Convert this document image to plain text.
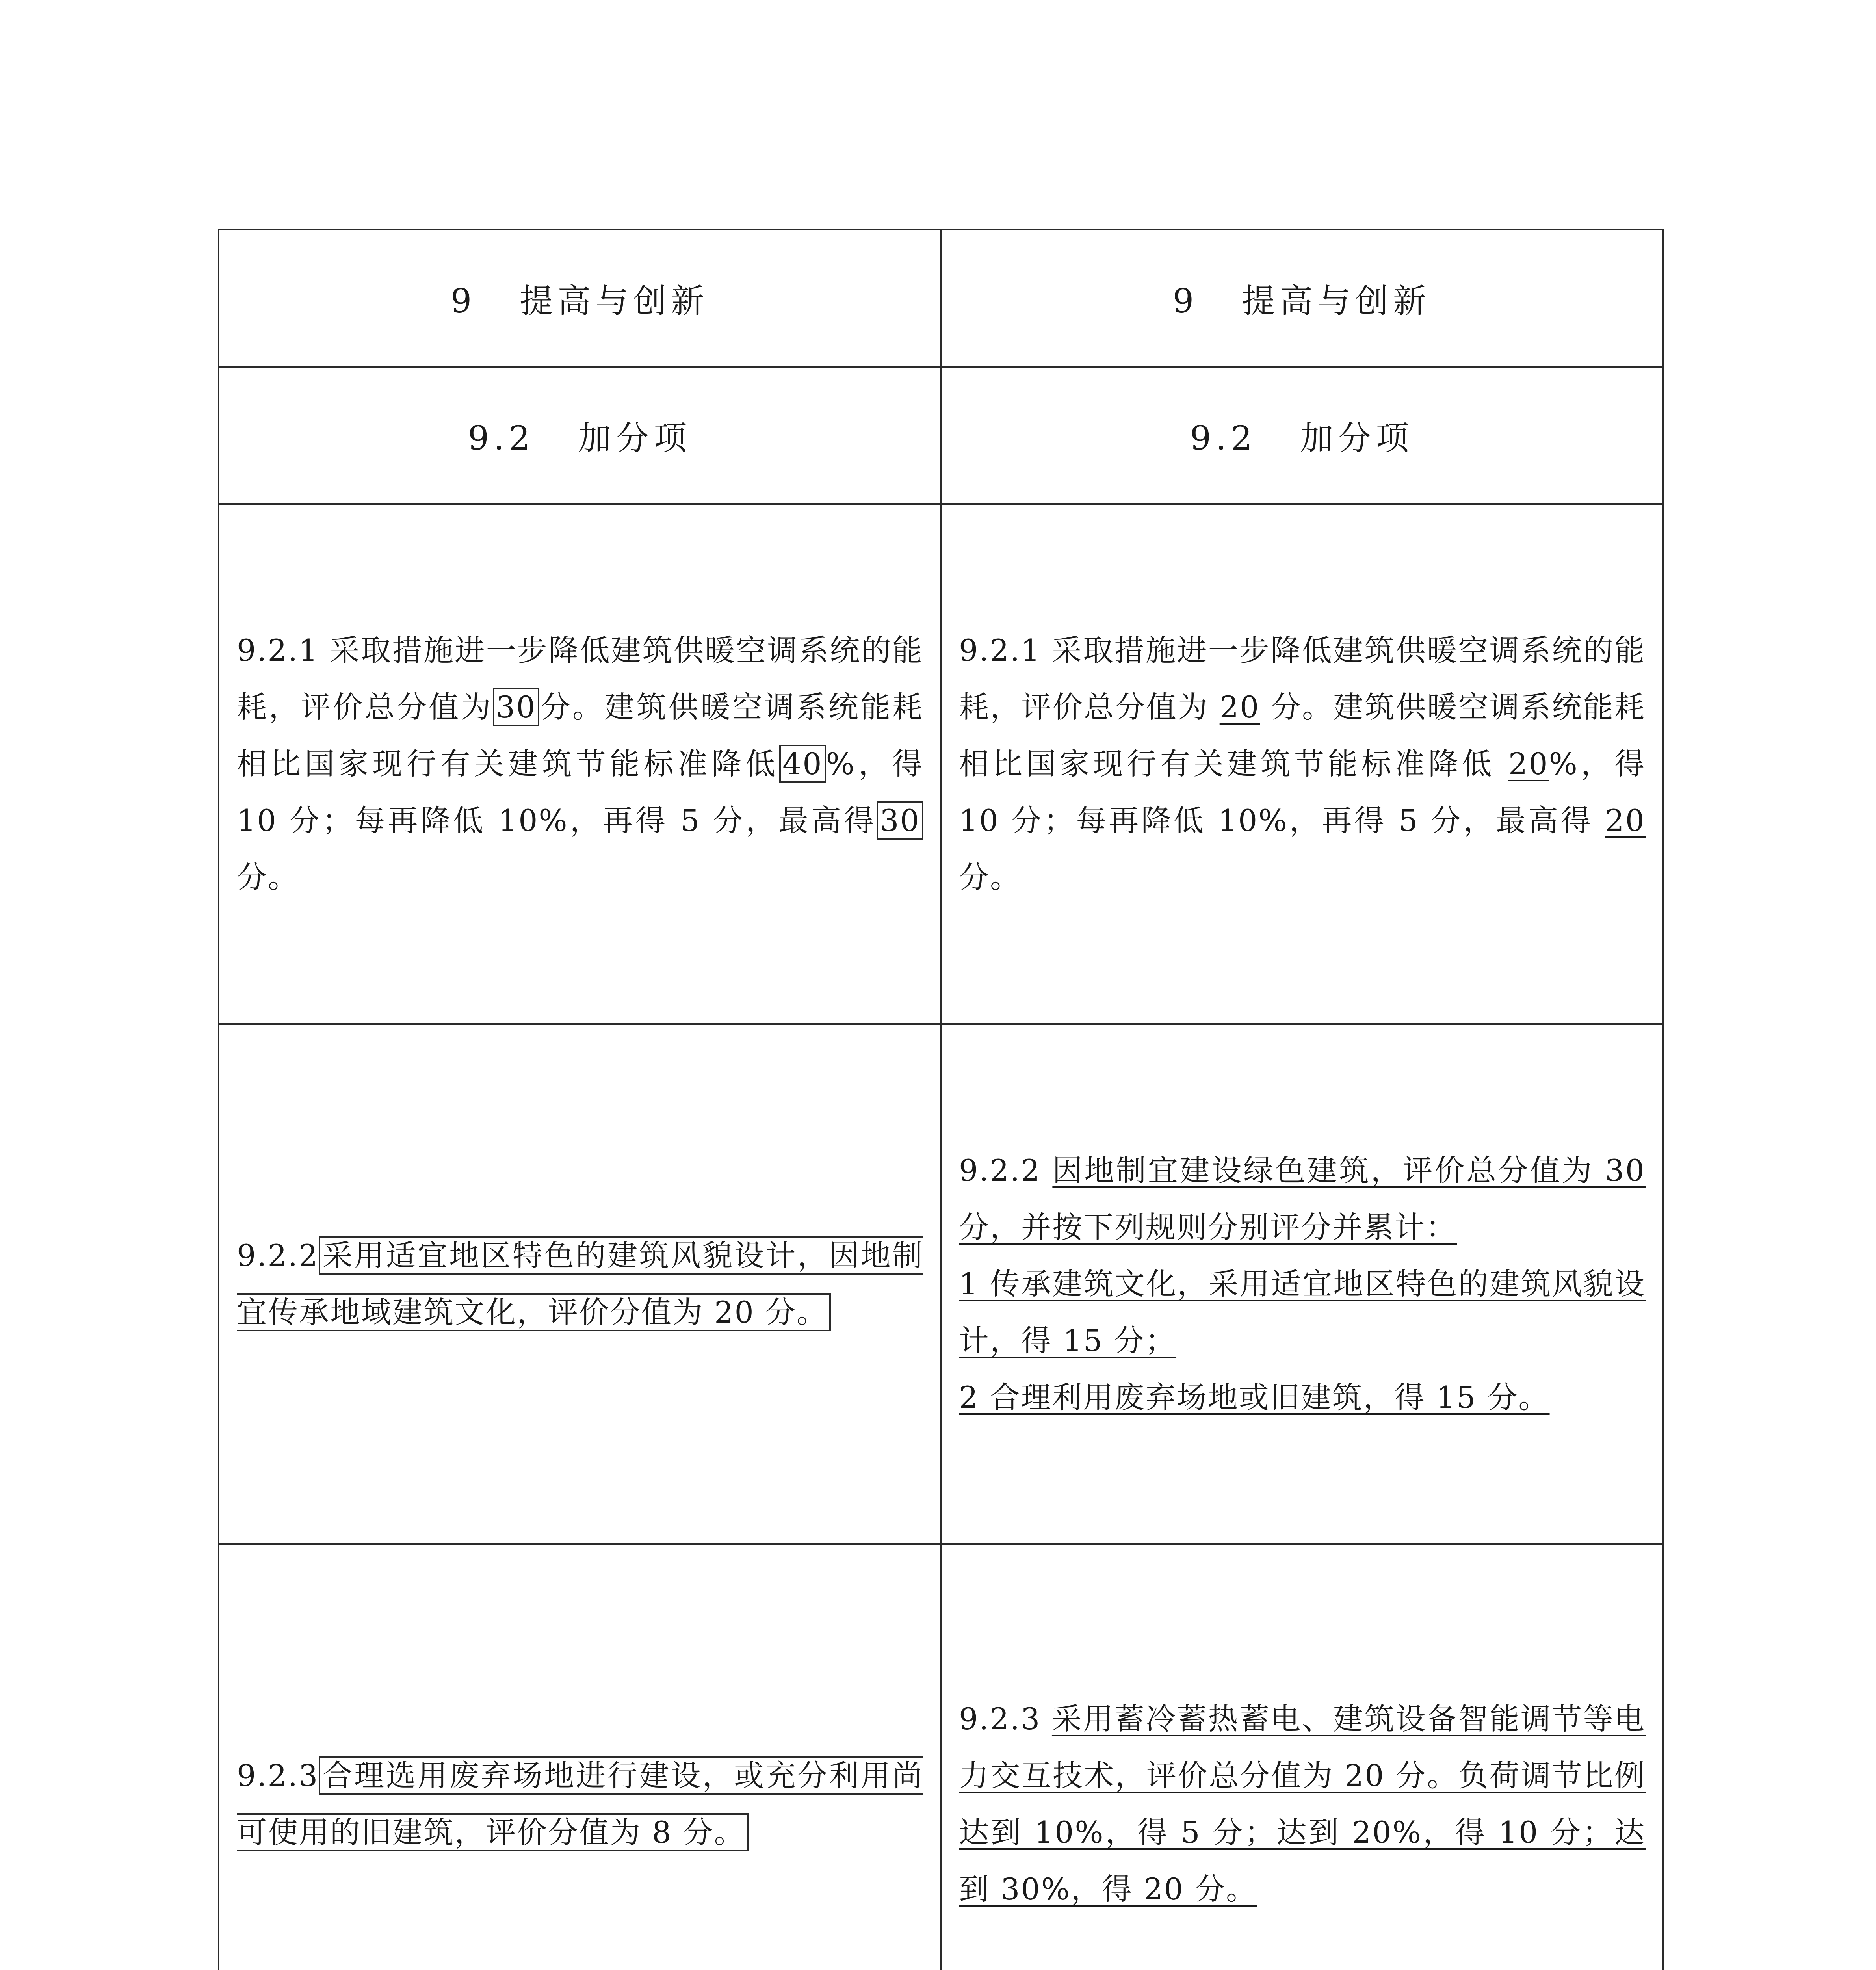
9 提高与创新	9 提高与创新
9.2 加分项	9.2 加分项
9.2.1 采取措施进一步降低建筑供暖空调系统的能耗，评价总分值为 30 分。建筑供暖空调系统能耗相比国家现行有关建筑节能标准降低 40 %，得 10 分；每再降低 10%，再得 5 分，最高得 30分。	9.2.1 采取措施进一步降低建筑供暖空调系统的能耗，评价总分值为 20 分。建筑供暖空调系统能耗相比国家现行有关建筑节能标准降低 20%，得 10 分；每再降低 10%，再得 5 分，最高得 20 分。
9.2.2 采用适宜地区特色的建筑风貌设计，因地制宜传承地域建筑文化，评价分值为 20 分。	9.2.2 因地制宜建设绿色建筑，评价总分值为 30 分，并按下列规则分别评分并累计：
1 传承建筑文化，采用适宜地区特色的建筑风貌设计，得 15 分；
2 合理利用废弃场地或旧建筑，得 15 分。

9.2.3 合理选用废弃场地进行建设，或充分利用尚可使用的旧建筑，评价分值为 8 分。	9.2.3 采用蓄冷蓄热蓄电、建筑设备智能调节等电力交互技术，评价总分值为 20 分。负荷调节比例达到 10%，得 5 分；达到 20%，得 10 分；达到 30%，得 20 分。
